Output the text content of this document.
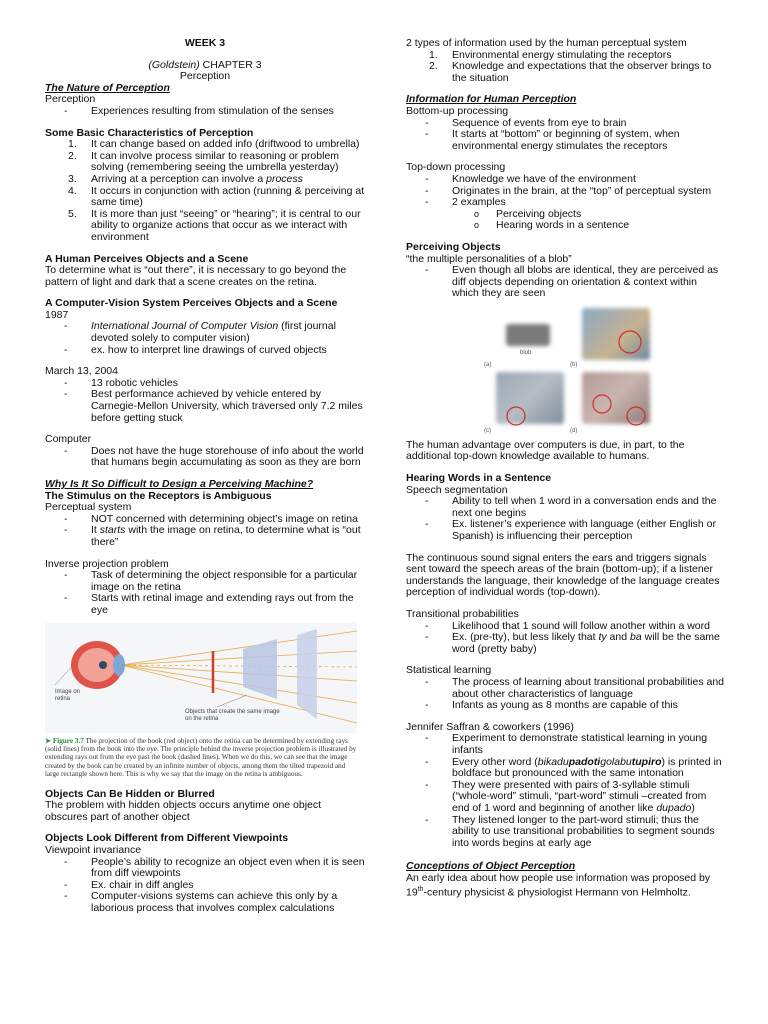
WEEK 3
(Goldstein) CHAPTER 3
Perception
The Nature of Perception
Perception
- Experiences resulting from stimulation of the senses
Some Basic Characteristics of Perception
1. It can change based on added info (driftwood to umbrella)
2. It can involve process similar to reasoning or problem solving (remembering seeing the umbrella yesterday)
3. Arriving at a perception can involve a process
4. It occurs in conjunction with action (running & perceiving at same time)
5. It is more than just “seeing” or “hearing”; it is central to our ability to organize actions that occur as we interact with environment
A Human Perceives Objects and a Scene
To determine what is “out there”, it is necessary to go beyond the pattern of light and dark that a scene creates on the retina.
A Computer-Vision System Perceives Objects and a Scene
1987
- International Journal of Computer Vision (first journal devoted solely to computer vision)
- ex. how to interpret line drawings of curved objects
March 13, 2004
- 13 robotic vehicles
- Best performance achieved by vehicle entered by Carnegie-Mellon University, which traversed only 7.2 miles before getting stuck
Computer
- Does not have the huge storehouse of info about the world that humans begin accumulating as soon as they are born
Why Is It So Difficult to Design a Perceiving Machine?
The Stimulus on the Receptors is Ambiguous
Perceptual system
- NOT concerned with determining object’s image on retina
- It starts with the image on retina, to determine what is “out there”
Inverse projection problem
- Task of determining the object responsible for a particular image on the retina
- Starts with retinal image and extending rays out from the eye
Image on retina
Objects that create the same image on the retina
➤ Figure 3.7 The projection of the book (red object) onto the retina can be determined by extending rays (solid lines) from the book into the eye. The principle behind the inverse projection problem is illustrated by extending rays out from the eye past the book (dashed lines). When we do this, we can see that the image created by the book can be created by an infinite number of objects, among them the tilted trapezoid and large rectangle shown here. This is why we say that the image on the retina is ambiguous.
Objects Can Be Hidden or Blurred
The problem with hidden objects occurs anytime one object obscures part of another object
Objects Look Different from Different Viewpoints
Viewpoint invariance
- People’s ability to recognize an object even when it is seen from diff viewpoints
- Ex. chair in diff angles
- Computer-visions systems can achieve this only by a laborious process that involves complex calculations
2 types of information used by the human perceptual system
1. Environmental energy stimulating the receptors
2. Knowledge and expectations that the observer brings to the situation
Information for Human Perception
Bottom-up processing
- Sequence of events from eye to brain
- It starts at “bottom” or beginning of system, when environmental energy stimulates the receptors
Top-down processing
- Knowledge we have of the environment
- Originates in the brain, at the “top” of perceptual system
- 2 examples
o Perceiving objects
o Hearing words in a sentence
Perceiving Objects
“the multiple personalities of a blob”
- Even though all blobs are identical, they are perceived as diff objects depending on orientation & context within which they are seen
blob
(a)	(b)
(c)	(d)
The human advantage over computers is due, in part, to the additional top-down knowledge available to humans.
Hearing Words in a Sentence
Speech segmentation
- Ability to tell when 1 word in a conversation ends and the next one begins
- Ex. listener’s experience with language (either English or Spanish) is influencing their perception
The continuous sound signal enters the ears and triggers signals sent toward the speech areas of the brain (bottom-up); if a listener understands the language, their knowledge of the language creates perception of individual words (top-down).
Transitional probabilities
- Likelihood that 1 sound will follow another within a word
- Ex. (pre-tty), but less likely that ty and ba will be the same word (pretty baby)
Statistical learning
- The process of learning about transitional probabilities and about other characteristics of language
- Infants as young as 8 months are capable of this
Jennifer Saffran & coworkers (1996)
- Experiment to demonstrate statistical learning in young infants
- Every other word (bikadupadotigolabutupiro) is printed in boldface but pronounced with the same intonation
- They were presented with pairs of 3-syllable stimuli (“whole-word” stimuli, “part-word” stimuli –created from end of 1 word and beginning of another like dupado)
- They listened longer to the part-word stimuli; thus the ability to use transitional probabilities to segment sounds into words begins at early age
Conceptions of Object Perception
An early idea about how people use information was proposed by 19th-century physicist & physiologist Hermann von Helmholtz.
